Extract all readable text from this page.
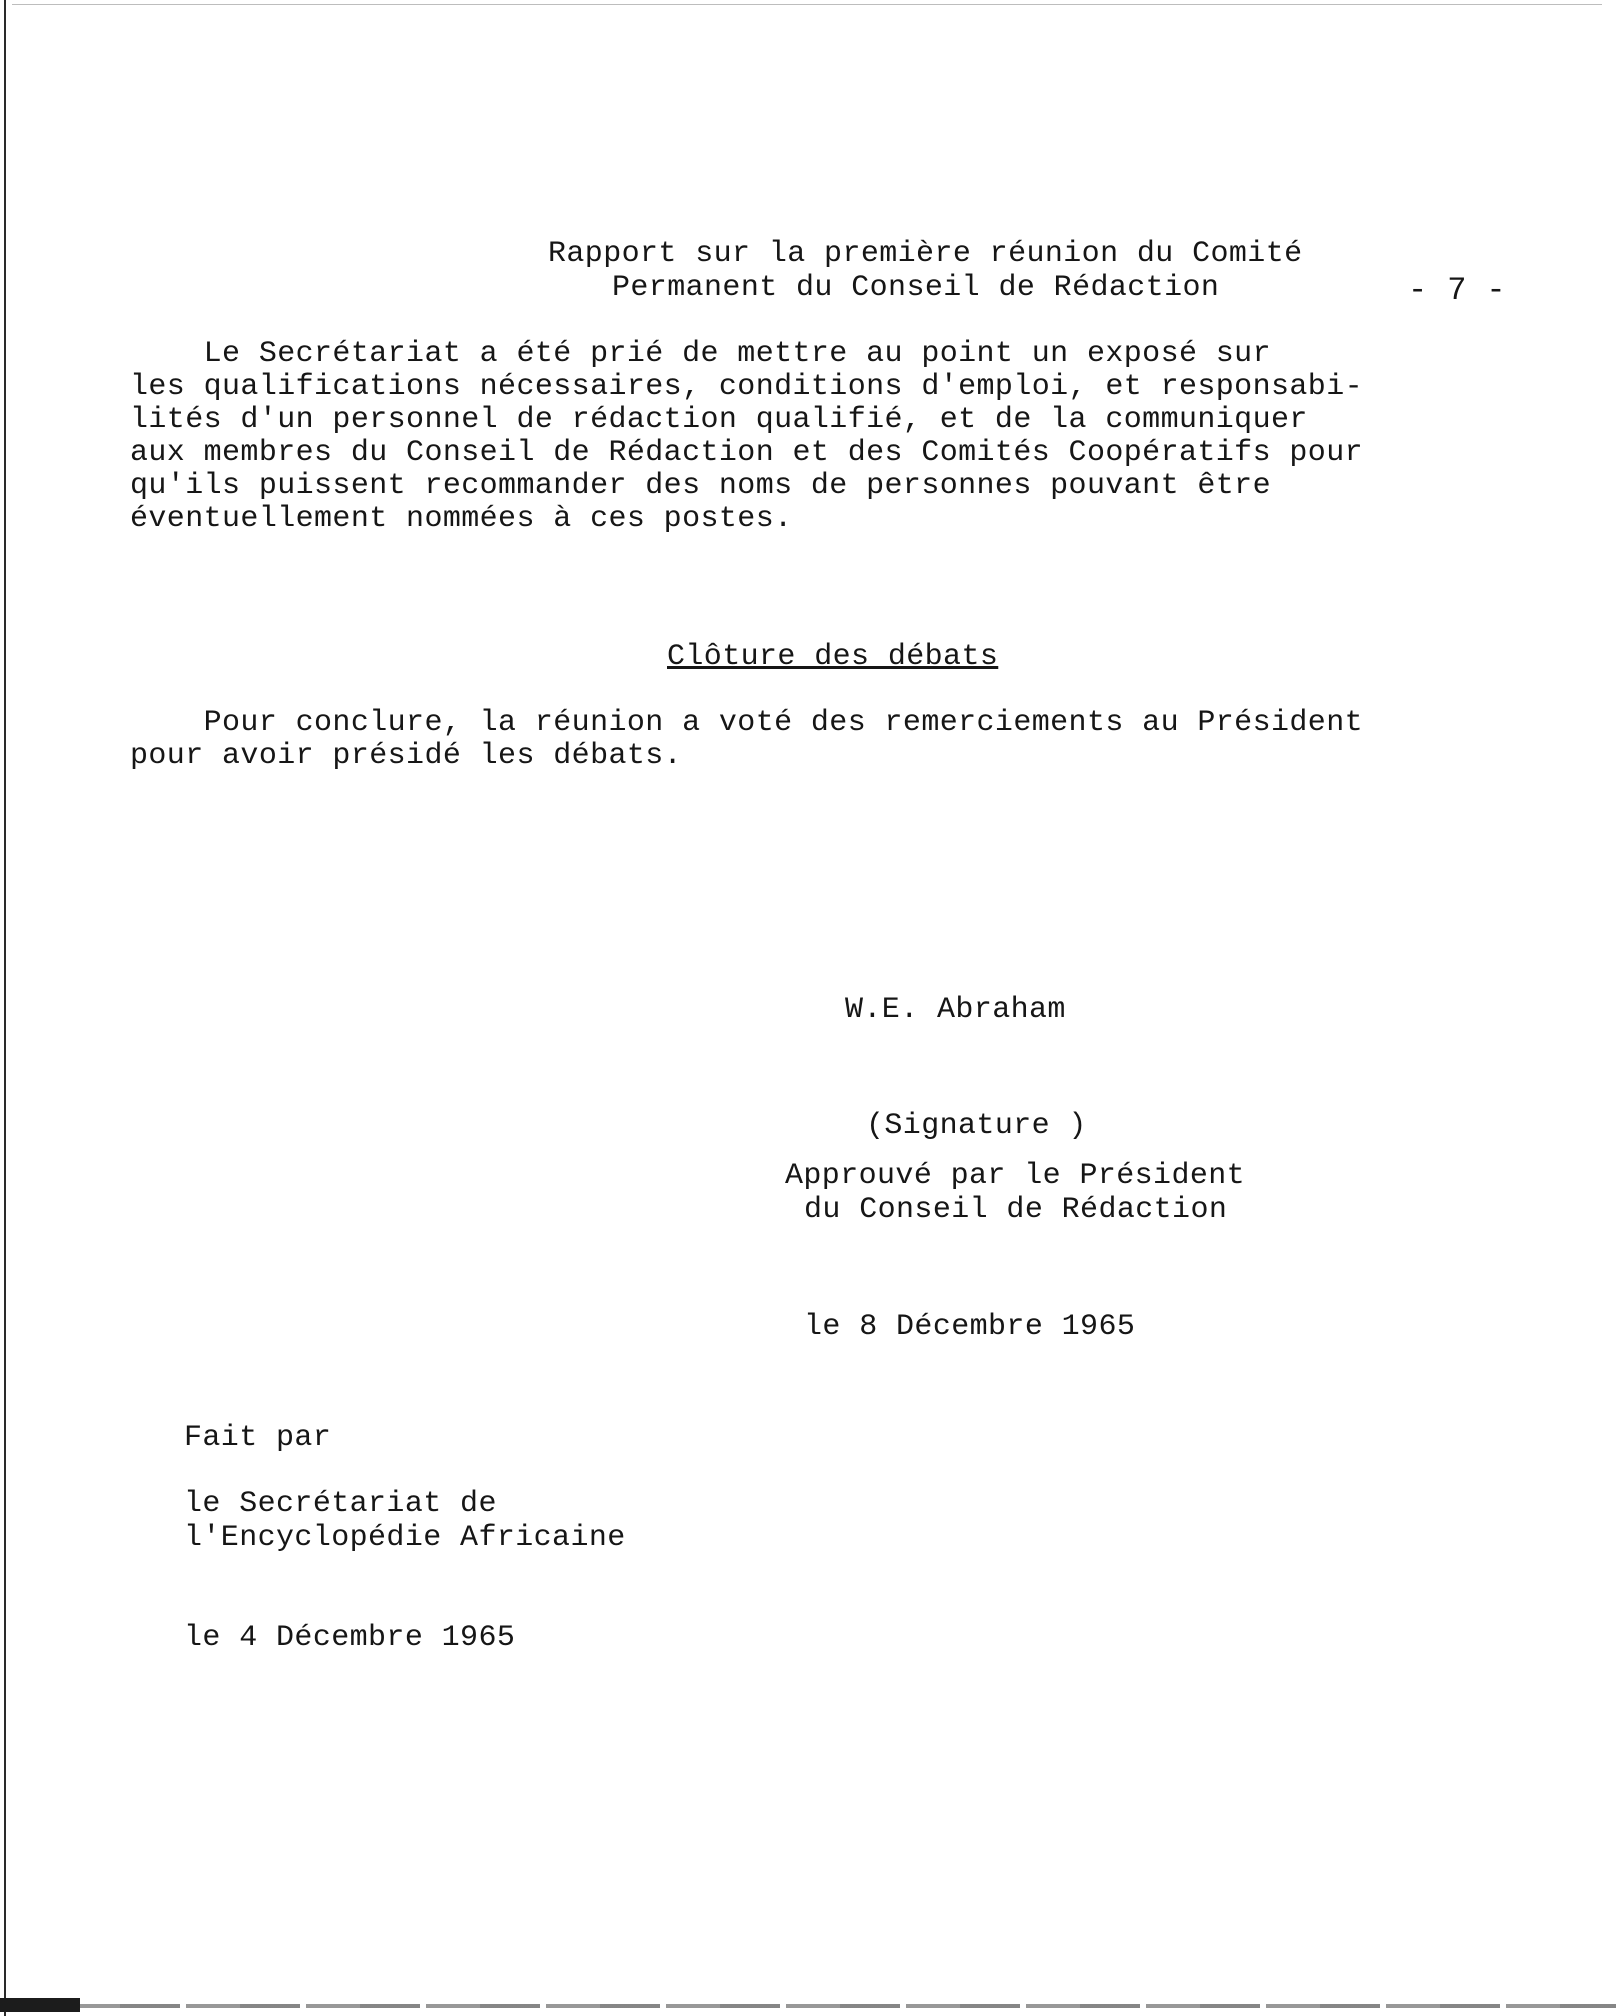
Rapport sur la première réunion du Comité
Permanent du Conseil de Rédaction	- 7 -
Le Secrétariat a été prié de mettre au point un exposé sur
les qualifications nécessaires, conditions d'emploi, et responsabi-
lités d'un personnel de rédaction qualifié, et de la communiquer
aux membres du Conseil de Rédaction et des Comités Coopératifs pour
qu'ils puissent recommander des noms de personnes pouvant être
éventuellement nommées à ces postes.
Clôture des débats
Pour conclure, la réunion a voté des remerciements au Président
pour avoir présidé les débats.
W.E. Abraham
(Signature )
Approuvé par le Président
du Conseil de Rédaction
le 8 Décembre 1965
Fait par
le Secrétariat de
l'Encyclopédie Africaine
le 4 Décembre 1965
